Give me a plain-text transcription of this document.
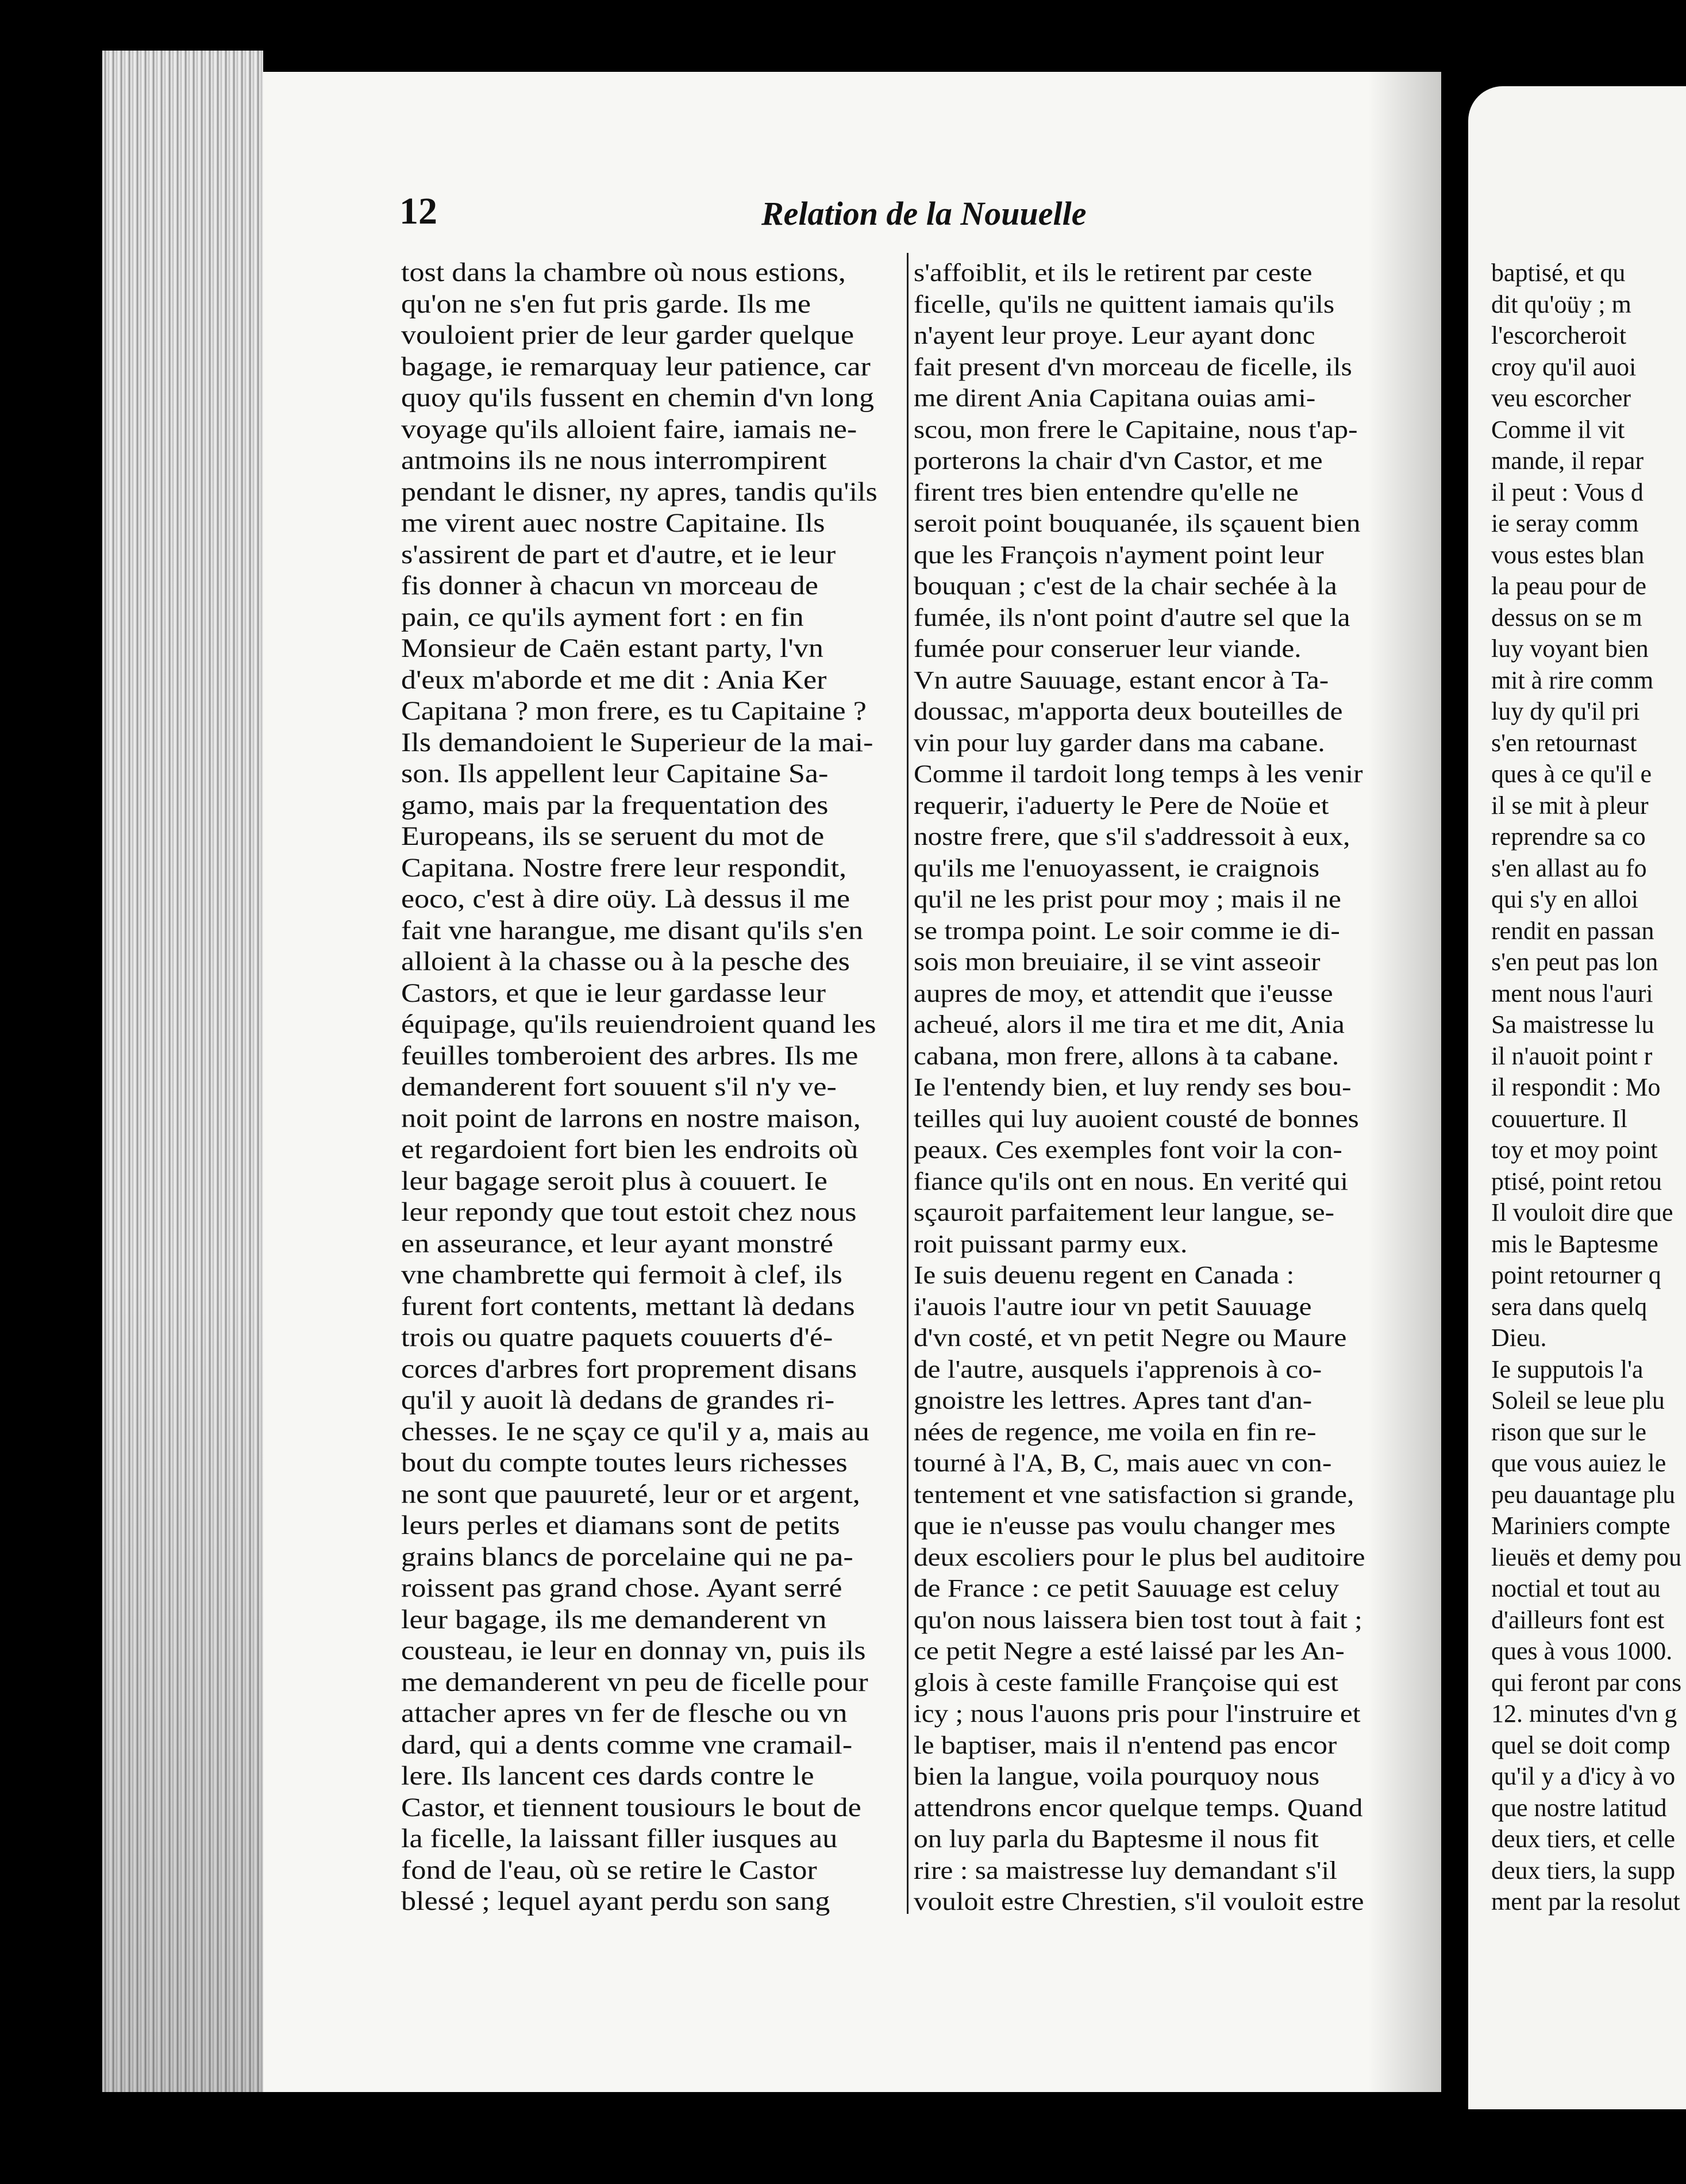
12	Relation de la Nouuelle
tost dans la chambre où nous estions,
qu'on ne s'en fut pris garde. Ils me
vouloient prier de leur garder quelque
bagage, ie remarquay leur patience, car
quoy qu'ils fussent en chemin d'vn long
voyage qu'ils alloient faire, iamais ne-
antmoins ils ne nous interrompirent
pendant le disner, ny apres, tandis qu'ils
me virent auec nostre Capitaine. Ils
s'assirent de part et d'autre, et ie leur
fis donner à chacun vn morceau de
pain, ce qu'ils ayment fort : en fin
Monsieur de Caën estant party, l'vn
d'eux m'aborde et me dit : Ania Ker
Capitana ? mon frere, es tu Capitaine ?
Ils demandoient le Superieur de la mai-
son. Ils appellent leur Capitaine Sa-
gamo, mais par la frequentation des
Europeans, ils se seruent du mot de
Capitana. Nostre frere leur respondit,
eoco, c'est à dire oüy. Là dessus il me
fait vne harangue, me disant qu'ils s'en
alloient à la chasse ou à la pesche des
Castors, et que ie leur gardasse leur
équipage, qu'ils reuiendroient quand les
feuilles tomberoient des arbres. Ils me
demanderent fort souuent s'il n'y ve-
noit point de larrons en nostre maison,
et regardoient fort bien les endroits où
leur bagage seroit plus à couuert. Ie
leur repondy que tout estoit chez nous
en asseurance, et leur ayant monstré
vne chambrette qui fermoit à clef, ils
furent fort contents, mettant là dedans
trois ou quatre paquets couuerts d'é-
corces d'arbres fort proprement disans
qu'il y auoit là dedans de grandes ri-
chesses. Ie ne sçay ce qu'il y a, mais au
bout du compte toutes leurs richesses
ne sont que pauureté, leur or et argent,
leurs perles et diamans sont de petits
grains blancs de porcelaine qui ne pa-
roissent pas grand chose. Ayant serré
leur bagage, ils me demanderent vn
cousteau, ie leur en donnay vn, puis ils
me demanderent vn peu de ficelle pour
attacher apres vn fer de flesche ou vn
dard, qui a dents comme vne cramail-
lere. Ils lancent ces dards contre le
Castor, et tiennent tousiours le bout de
la ficelle, la laissant filler iusques au
fond de l'eau, où se retire le Castor
blessé ; lequel ayant perdu son sang
s'affoiblit, et ils le retirent par ceste
ficelle, qu'ils ne quittent iamais qu'ils
n'ayent leur proye. Leur ayant donc
fait present d'vn morceau de ficelle, ils
me dirent Ania Capitana ouias ami-
scou, mon frere le Capitaine, nous t'ap-
porterons la chair d'vn Castor, et me
firent tres bien entendre qu'elle ne
seroit point bouquanée, ils sçauent bien
que les François n'ayment point leur
bouquan ; c'est de la chair sechée à la
fumée, ils n'ont point d'autre sel que la
fumée pour conseruer leur viande.
Vn autre Sauuage, estant encor à Ta-
doussac, m'apporta deux bouteilles de
vin pour luy garder dans ma cabane.
Comme il tardoit long temps à les venir
requerir, i'aduerty le Pere de Noüe et
nostre frere, que s'il s'addressoit à eux,
qu'ils me l'enuoyassent, ie craignois
qu'il ne les prist pour moy ; mais il ne
se trompa point. Le soir comme ie di-
sois mon breuiaire, il se vint asseoir
aupres de moy, et attendit que i'eusse
acheué, alors il me tira et me dit, Ania
cabana, mon frere, allons à ta cabane.
Ie l'entendy bien, et luy rendy ses bou-
teilles qui luy auoient cousté de bonnes
peaux. Ces exemples font voir la con-
fiance qu'ils ont en nous. En verité qui
sçauroit parfaitement leur langue, se-
roit puissant parmy eux.
Ie suis deuenu regent en Canada :
i'auois l'autre iour vn petit Sauuage
d'vn costé, et vn petit Negre ou Maure
de l'autre, ausquels i'apprenois à co-
gnoistre les lettres. Apres tant d'an-
nées de regence, me voila en fin re-
tourné à l'A, B, C, mais auec vn con-
tentement et vne satisfaction si grande,
que ie n'eusse pas voulu changer mes
deux escoliers pour le plus bel auditoire
de France : ce petit Sauuage est celuy
qu'on nous laissera bien tost tout à fait ;
ce petit Negre a esté laissé par les An-
glois à ceste famille Françoise qui est
icy ; nous l'auons pris pour l'instruire et
le baptiser, mais il n'entend pas encor
bien la langue, voila pourquoy nous
attendrons encor quelque temps. Quand
on luy parla du Baptesme il nous fit
rire : sa maistresse luy demandant s'il
vouloit estre Chrestien, s'il vouloit estre
baptisé, et qu
dit qu'oüy ; m
l'escorcheroit
croy qu'il auoi
veu escorcher
Comme il vit
mande, il repar
il peut : Vous d
ie seray comm
vous estes blan
la peau pour de
dessus on se m
luy voyant bien
mit à rire comm
luy dy qu'il pri
s'en retournast
ques à ce qu'il e
il se mit à pleur
reprendre sa co
s'en allast au fo
qui s'y en alloi
rendit en passan
s'en peut pas lon
ment nous l'auri
Sa maistresse lu
il n'auoit point r
il respondit : Mo
couuerture. Il
toy et moy point
ptisé, point retou
Il vouloit dire que
mis le Baptesme
point retourner q
sera dans quelq
Dieu.
Ie supputois l'a
Soleil se leue plu
rison que sur le
que vous auiez le
peu dauantage plu
Mariniers compte
lieuës et demy pou
noctial et tout au
d'ailleurs font est
ques à vous 1000.
qui feront par cons
12. minutes d'vn g
quel se doit comp
qu'il y a d'icy à vo
que nostre latitud
deux tiers, et celle
deux tiers, la supp
ment par la resolut
